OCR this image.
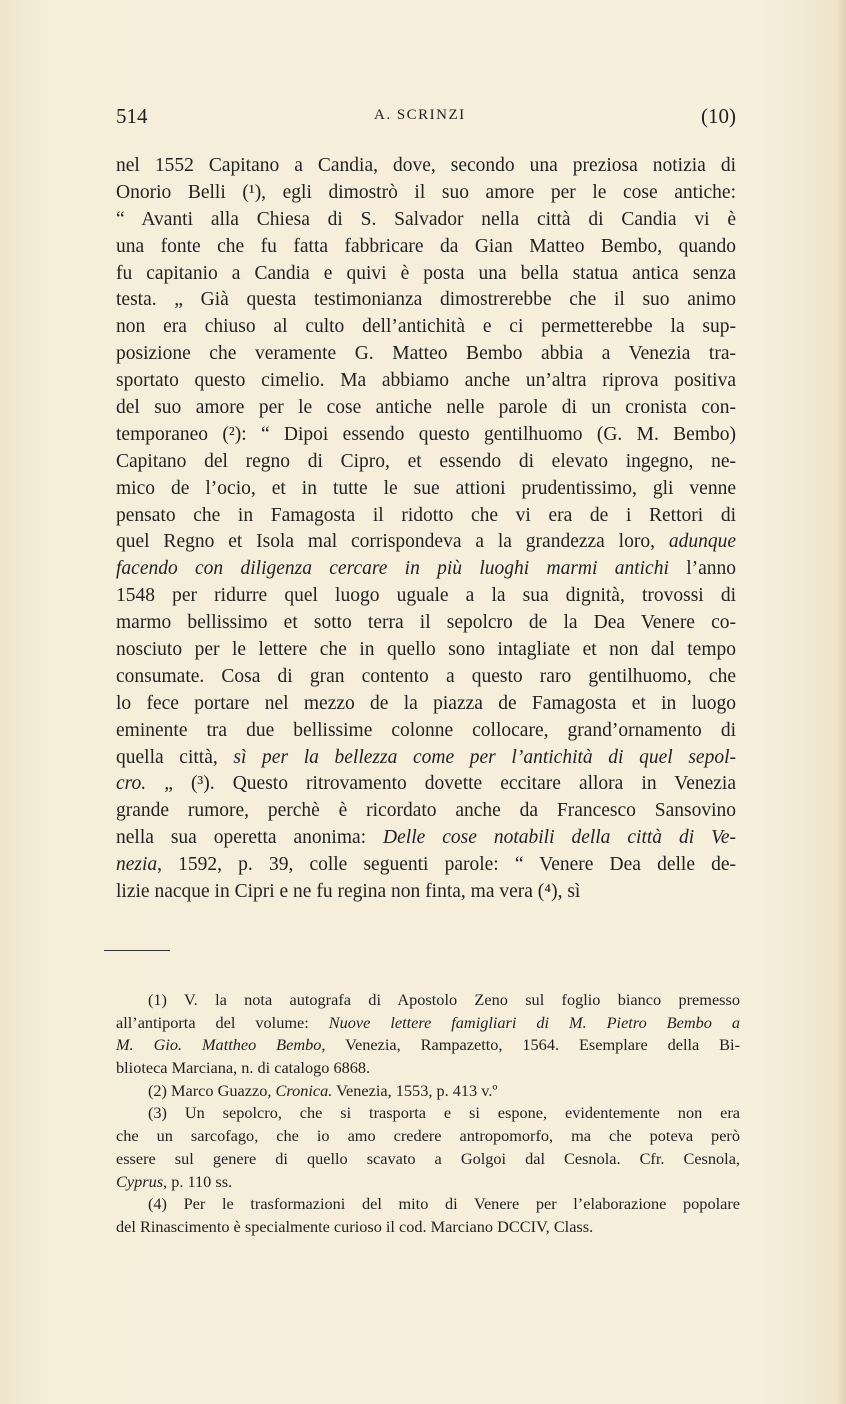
514	A. SCRINZI	(10)
nel 1552 Capitano a Candia, dove, secondo una preziosa notizia di
Onorio Belli (¹), egli dimostrò il suo amore per le cose antiche:
“ Avanti alla Chiesa di S. Salvador nella città di Candia vi è
una fonte che fu fatta fabbricare da Gian Matteo Bembo, quando
fu capitanio a Candia e quivi è posta una bella statua antica senza
testa. „ Già questa testimonianza dimostrerebbe che il suo animo
non era chiuso al culto dell’antichità e ci permetterebbe la sup-
posizione che veramente G. Matteo Bembo abbia a Venezia tra-
sportato questo cimelio. Ma abbiamo anche un’altra riprova positiva
del suo amore per le cose antiche nelle parole di un cronista con-
temporaneo (²): “ Dipoi essendo questo gentilhuomo (G. M. Bembo)
Capitano del regno di Cipro, et essendo di elevato ingegno, ne-
mico de l’ocio, et in tutte le sue attioni prudentissimo, gli venne
pensato che in Famagosta il ridotto che vi era de i Rettori di
quel Regno et Isola mal corrispondeva a la grandezza loro, adunque
facendo con diligenza cercare in più luoghi marmi antichi l’anno
1548 per ridurre quel luogo uguale a la sua dignità, trovossi di
marmo bellissimo et sotto terra il sepolcro de la Dea Venere co-
nosciuto per le lettere che in quello sono intagliate et non dal tempo
consumate. Cosa di gran contento a questo raro gentilhuomo, che
lo fece portare nel mezzo de la piazza de Famagosta et in luogo
eminente tra due bellissime colonne collocare, grand’ornamento di
quella città, sì per la bellezza come per l’antichità di quel sepol-
cro. „ (³). Questo ritrovamento dovette eccitare allora in Venezia
grande rumore, perchè è ricordato anche da Francesco Sansovino
nella sua operetta anonima: Delle cose notabili della città di Ve-
nezia, 1592, p. 39, colle seguenti parole: “ Venere Dea delle de-
lizie nacque in Cipri e ne fu regina non finta, ma vera (⁴), sì
(1) V. la nota autografa di Apostolo Zeno sul foglio bianco premesso
all’antiporta del volume: Nuove lettere famigliari di M. Pietro Bembo a
M. Gio. Mattheo Bembo, Venezia, Rampazetto, 1564. Esemplare della Bi-
blioteca Marciana, n. di catalogo 6868.
(2) Marco Guazzo, Cronica. Venezia, 1553, p. 413 v.º
(3) Un sepolcro, che si trasporta e si espone, evidentemente non era
che un sarcofago, che io amo credere antropomorfo, ma che poteva però
essere sul genere di quello scavato a Golgoi dal Cesnola. Cfr. Cesnola,
Cyprus, p. 110 ss.
(4) Per le trasformazioni del mito di Venere per l’elaborazione popolare
del Rinascimento è specialmente curioso il cod. Marciano DCCIV, Class.
